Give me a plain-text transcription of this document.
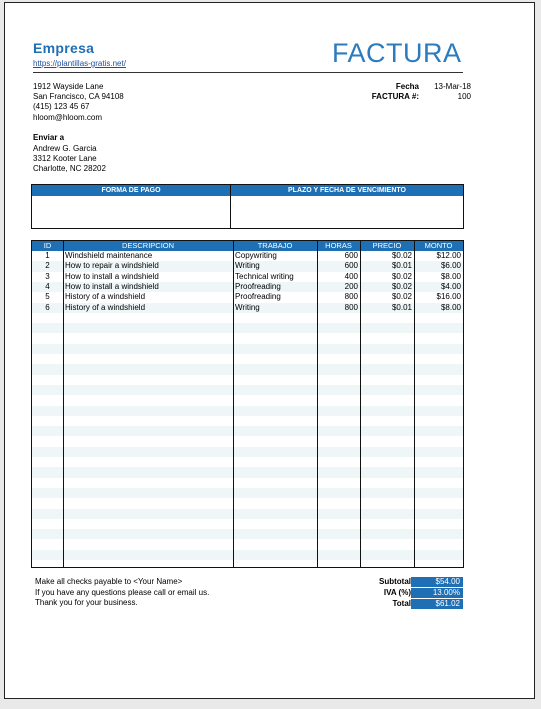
Empresa
https://plantillas-gratis.net/	FACTURA
1912 Wayside Lane
San Francisco, CA 94108
(415) 123 45 67
hloom@hloom.com
Fecha 13-Mar-18
FACTURA #:	100
Enviar a
Andrew G. Garcia
3312 Kooter Lane
Charlotte, NC 28202
FORMA DE PAGO	PLAZO Y FECHA DE VENCIMIENTO
ID	DESCRIPCION	TRABAJO	HORAS	PRECIO	MONTO
1	Windshield maintenance	Copywriting	600	$0.02	$12.00
2	How to repair a windshield	Writing	600	$0.01	$6.00
3	How to install a windshield	Technical writing	400	$0.02	$8.00
4	How to install a windshield	Proofreading	200	$0.02	$4.00
5	History of a windshield	Proofreading	800	$0.02	$16.00
6	History of a windshield	Writing	800	$0.01	$8.00
Make all checks payable to <Your Name>
If you have any questions please call or email us.
Thank you for your business.
Subtotal	$54.00
IVA (%)	13.00%
Total	$61.02
